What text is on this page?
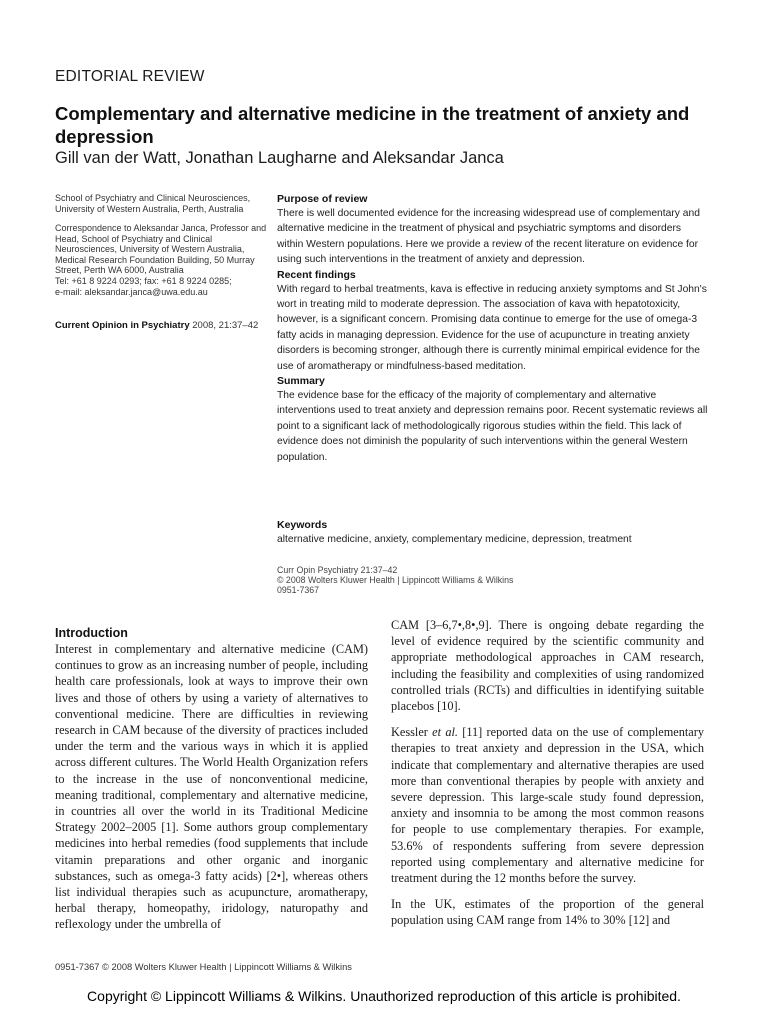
EDITORIAL REVIEW
Complementary and alternative medicine in the treatment of anxiety and depression
Gill van der Watt, Jonathan Laugharne and Aleksandar Janca
School of Psychiatry and Clinical Neurosciences,
University of Western Australia, Perth, Australia
Correspondence to Aleksandar Janca, Professor and
Head, School of Psychiatry and Clinical
Neurosciences, University of Western Australia,
Medical Research Foundation Building, 50 Murray
Street, Perth WA 6000, Australia
Tel: +61 8 9224 0293; fax: +61 8 9224 0285;
e-mail: aleksandar.janca@uwa.edu.au
Current Opinion in Psychiatry 2008, 21:37–42

Purpose of review

There is well documented evidence for the increasing widespread use of complementary and alternative medicine in the treatment of physical and psychiatric symptoms and disorders within Western populations. Here we provide a review of the recent literature on evidence for using such interventions in the treatment of anxiety and depression.

Recent findings

With regard to herbal treatments, kava is effective in reducing anxiety symptoms and St John's wort in treating mild to moderate depression. The association of kava with hepatotoxicity, however, is a significant concern. Promising data continue to emerge for the use of omega-3 fatty acids in managing depression. Evidence for the use of acupuncture in treating anxiety disorders is becoming stronger, although there is currently minimal empirical evidence for the use of aromatherapy or mindfulness-based meditation.

Summary

The evidence base for the efficacy of the majority of complementary and alternative interventions used to treat anxiety and depression remains poor. Recent systematic reviews all point to a significant lack of methodologically rigorous studies within the field. This lack of evidence does not diminish the popularity of such interventions within the general Western population.

Keywords

alternative medicine, anxiety, complementary medicine, depression, treatment

Curr Opin Psychiatry 21:37–42
© 2008 Wolters Kluwer Health | Lippincott Williams & Wilkins
0951-7367
Introduction

Interest in complementary and alternative medicine (CAM) continues to grow as an increasing number of people, including health care professionals, look at ways to improve their own lives and those of others by using a variety of alternatives to conventional medicine. There are difficulties in reviewing research in CAM because of the diversity of practices included under the term and the various ways in which it is applied across different cultures. The World Health Organization refers to the increase in the use of nonconventional medicine, meaning traditional, complementary and alternative medicine, in countries all over the world in its Traditional Medicine Strategy 2002–2005 [1]. Some authors group complementary medicines into herbal remedies (food supplements that include vitamin preparations and other organic and inorganic substances, such as omega-3 fatty acids) [2•], whereas others list individual therapies such as acupuncture, aromatherapy, herbal therapy, homeopathy, iridology, naturopathy and reflexology under the umbrella of

CAM [3–6,7•,8•,9]. There is ongoing debate regarding the level of evidence required by the scientific community and appropriate methodological approaches in CAM research, including the feasibility and complexities of using randomized controlled trials (RCTs) and difficulties in identifying suitable placebos [10].

Kessler et al. [11] reported data on the use of complementary therapies to treat anxiety and depression in the USA, which indicate that complementary and alternative therapies are used more than conventional therapies by people with anxiety and severe depression. This large-scale study found depression, anxiety and insomnia to be among the most common reasons for people to use complementary therapies. For example, 53.6% of respondents suffering from severe depression reported using complementary and alternative medicine for treatment during the 12 months before the survey.

In the UK, estimates of the proportion of the general population using CAM range from 14% to 30% [12] and

0951-7367 © 2008 Wolters Kluwer Health | Lippincott Williams & Wilkins
Copyright © Lippincott Williams & Wilkins. Unauthorized reproduction of this article is prohibited.
